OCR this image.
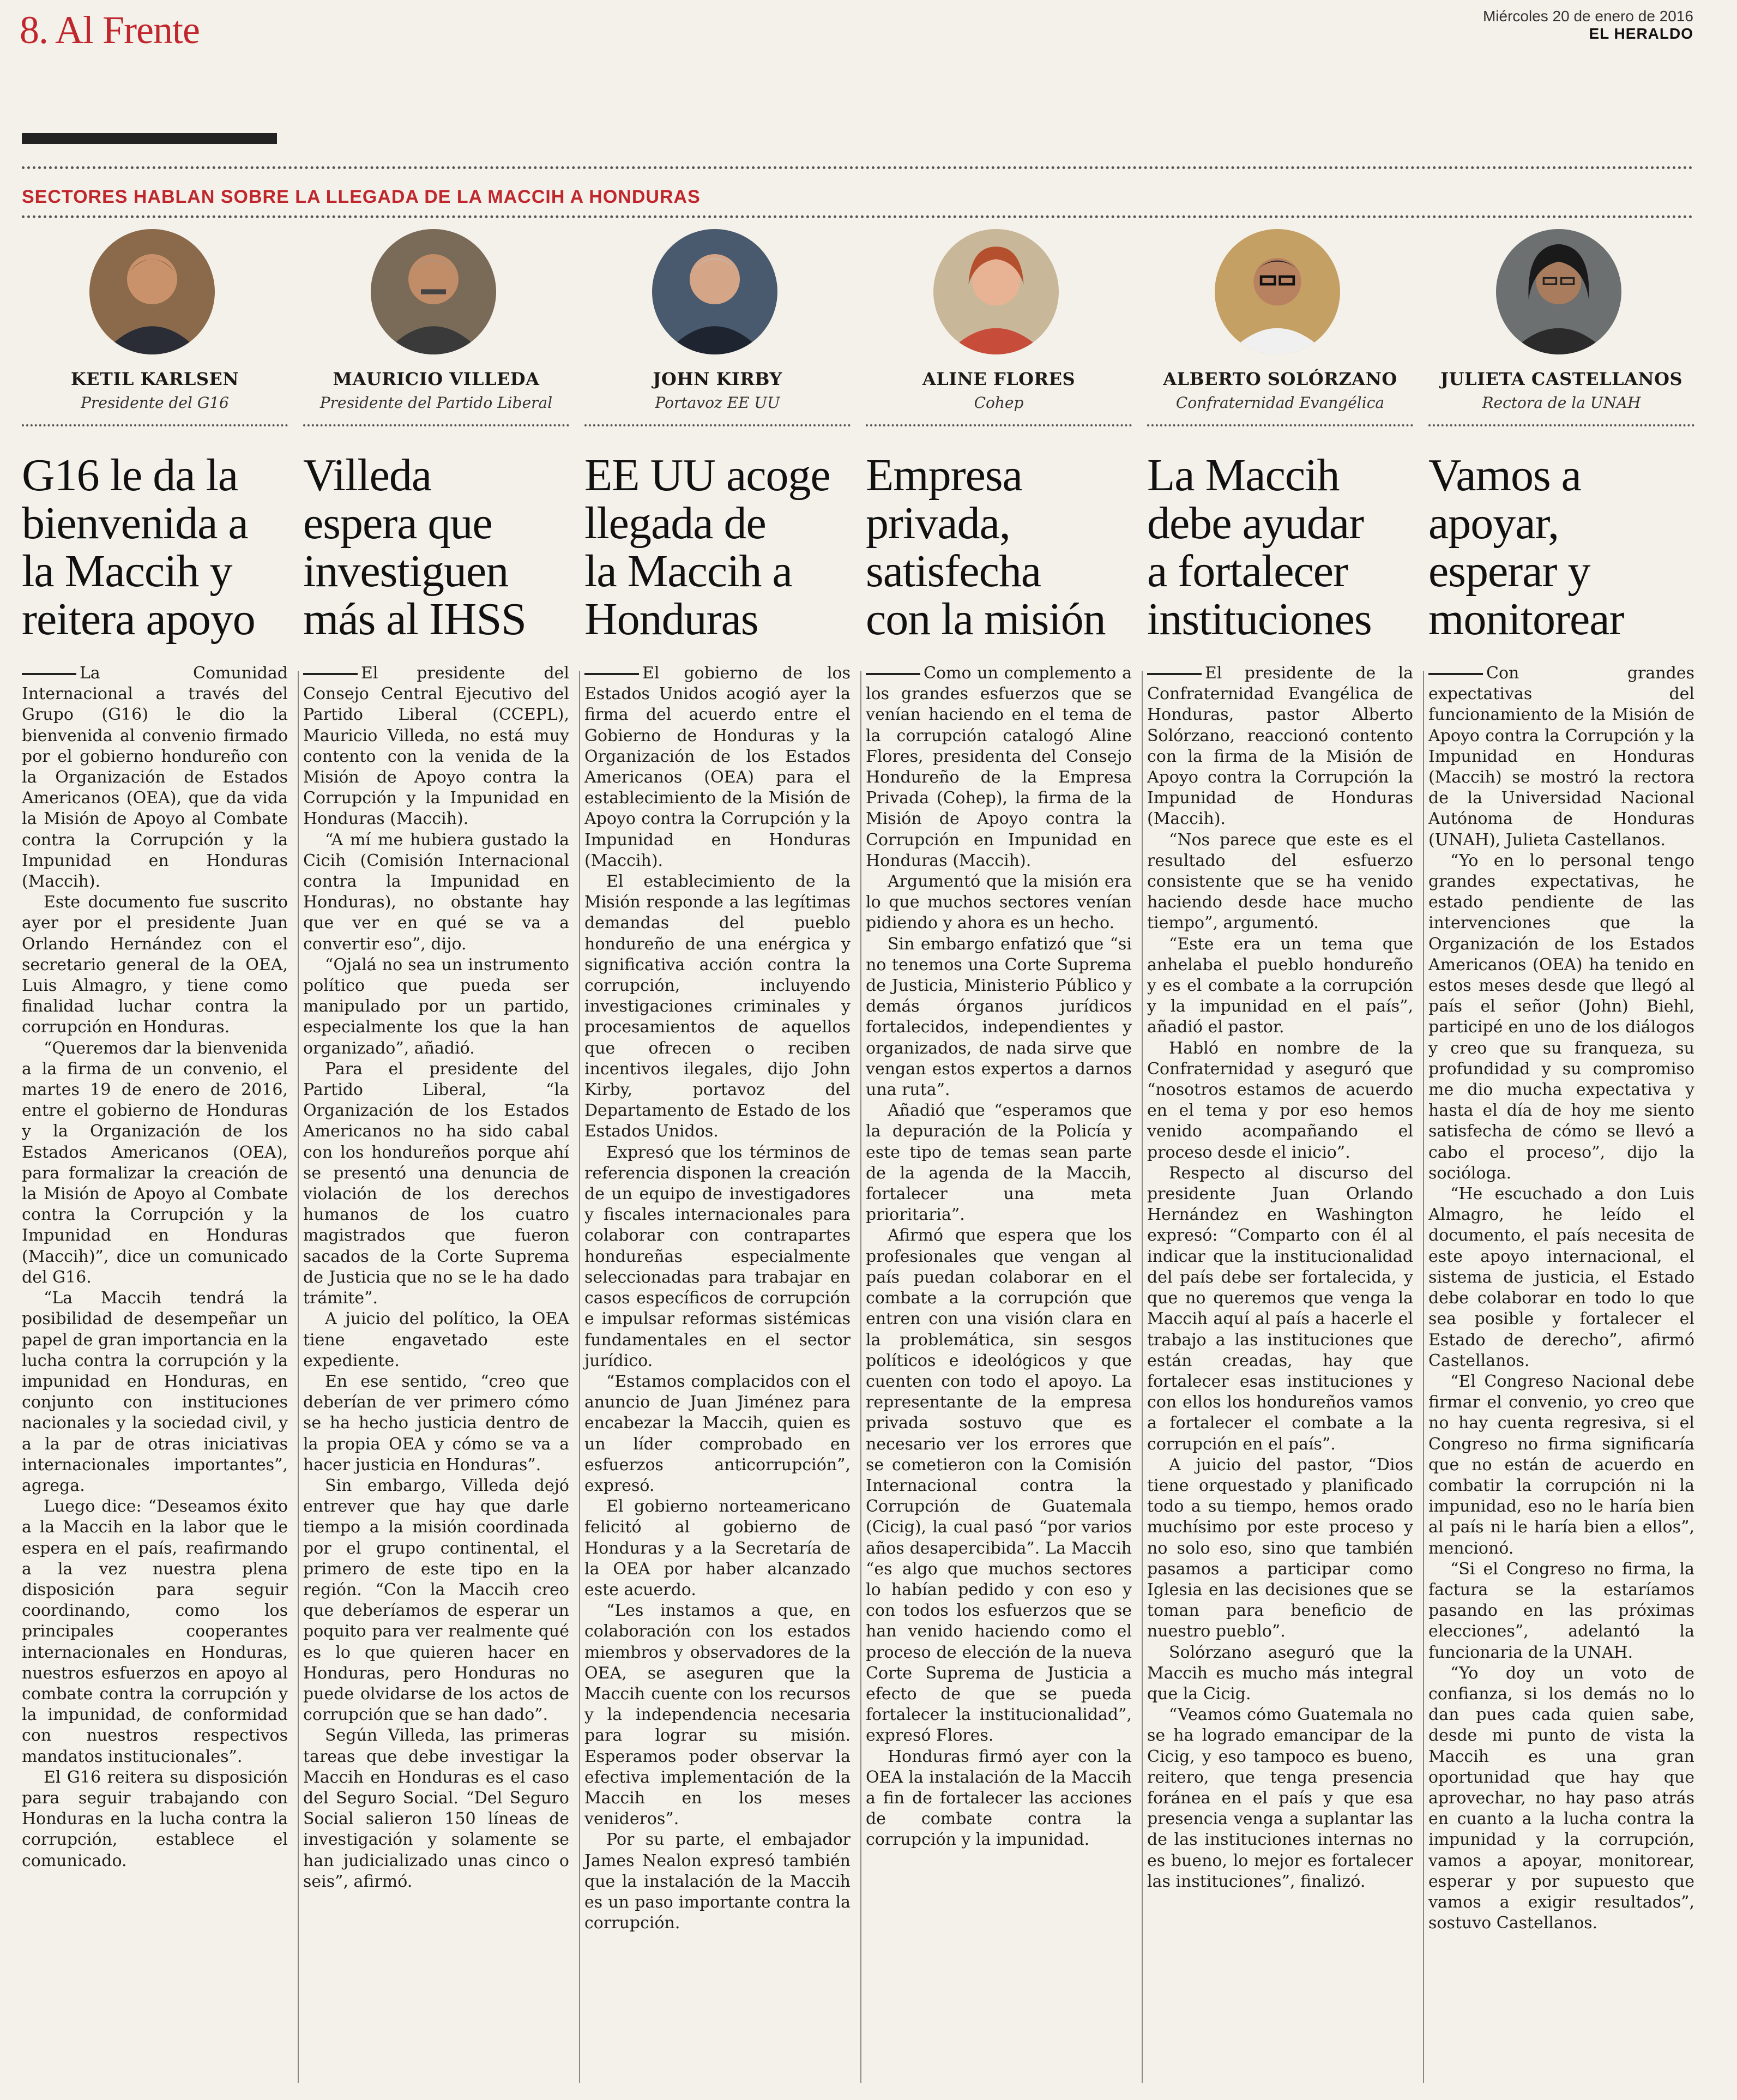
8. Al Frente	Miércoles 20 de enero de 2016
EL HERALDO
SECTORES HABLAN SOBRE LA LLEGADA DE LA MACCIH A HONDURAS
KETIL KARLSEN
Presidente del G16
G16 le da la
bienvenida a
la Maccih y
reitera apoyo

La Comunidad Internacional a través del Grupo (G16) le dio la bienvenida al convenio firmado por el gobierno hondureño con la Organización de Estados Americanos (OEA), que da vida la Misión de Apoyo al Combate contra la Corrupción y la Impunidad en Honduras (Maccih).

Este documento fue suscrito ayer por el presidente Juan Orlando Hernández con el secretario general de la OEA, Luis Almagro, y tiene como finalidad luchar contra la corrupción en Honduras.

“Queremos dar la bienvenida a la firma de un convenio, el martes 19 de enero de 2016, entre el gobierno de Honduras y la Organización de los Estados Americanos (OEA), para formalizar la creación de la Misión de Apoyo al Combate contra la Corrupción y la Impunidad en Honduras (Maccih)”, dice un comunicado del G16.

“La Maccih tendrá la posibilidad de desempeñar un papel de gran importancia en la lucha contra la corrupción y la impunidad en Honduras, en conjunto con instituciones nacionales y la sociedad civil, y a la par de otras iniciativas internacionales importantes”, agrega.

Luego dice: “Deseamos éxito a la Maccih en la labor que le espera en el país, reafirmando a la vez nuestra plena disposición para seguir coordinando, como los principales cooperantes internacionales en Honduras, nuestros esfuerzos en apoyo al combate contra la corrupción y la impunidad, de conformidad con nuestros respectivos mandatos institucionales”.

El G16 reitera su disposición para seguir trabajando con Honduras en la lucha contra la corrupción, establece el comunicado.

MAURICIO VILLEDA
Presidente del Partido Liberal
Villeda
espera que
investiguen
más al IHSS

El presidente del Consejo Central Ejecutivo del Partido Liberal (CCEPL), Mauricio Villeda, no está muy contento con la venida de la Misión de Apoyo contra la Corrupción y la Impunidad en Honduras (Maccih).

“A mí me hubiera gustado la Cicih (Comisión Internacional contra la Impunidad en Honduras), no obstante hay que ver en qué se va a convertir eso”, dijo.

“Ojalá no sea un instrumento político que pueda ser manipulado por un partido, especialmente los que la han organizado”, añadió.

Para el presidente del Partido Liberal, “la Organización de los Estados Americanos no ha sido cabal con los hondureños porque ahí se presentó una denuncia de violación de los derechos humanos de los cuatro magistrados que fueron sacados de la Corte Suprema de Justicia que no se le ha dado trámite”.

A juicio del político, la OEA tiene engavetado este expediente.

En ese sentido, “creo que deberían de ver primero cómo se ha hecho justicia dentro de la propia OEA y cómo se va a hacer justicia en Honduras”.

Sin embargo, Villeda dejó entrever que hay que darle tiempo a la misión coordinada por el grupo continental, el primero de este tipo en la región. “Con la Maccih creo que deberíamos de esperar un poquito para ver realmente qué es lo que quieren hacer en Honduras, pero Honduras no puede olvidarse de los actos de corrupción que se han dado”.

Según Villeda, las primeras tareas que debe investigar la Maccih en Honduras es el caso del Seguro Social. “Del Seguro Social salieron 150 líneas de investigación y solamente se han judicializado unas cinco o seis”, afirmó.

JOHN KIRBY
Portavoz EE UU
EE UU acoge
llegada de
la Maccih a
Honduras

El gobierno de los Estados Unidos acogió ayer la firma del acuerdo entre el Gobierno de Honduras y la Organización de los Estados Americanos (OEA) para el establecimiento de la Misión de Apoyo contra la Corrupción y la Impunidad en Honduras (Maccih).

El establecimiento de la Misión responde a las legítimas demandas del pueblo hondureño de una enérgica y significativa acción contra la corrupción, incluyendo investigaciones criminales y procesamientos de aquellos que ofrecen o reciben incentivos ilegales, dijo John Kirby, portavoz del Departamento de Estado de los Estados Unidos.

Expresó que los términos de referencia disponen la creación de un equipo de investigadores y fiscales internacionales para colaborar con contrapartes hondureñas especialmente seleccionadas para trabajar en casos específicos de corrupción e impulsar reformas sistémicas fundamentales en el sector jurídico.

“Estamos complacidos con el anuncio de Juan Jiménez para encabezar la Maccih, quien es un líder comprobado en esfuerzos anticorrupción”, expresó.

El gobierno norteamericano felicitó al gobierno de Honduras y a la Secretaría de la OEA por haber alcanzado este acuerdo.

“Les instamos a que, en colaboración con los estados miembros y observadores de la OEA, se aseguren que la Maccih cuente con los recursos y la independencia necesaria para lograr su misión. Esperamos poder observar la efectiva implementación de la Maccih en los meses venideros”.

Por su parte, el embajador James Nealon expresó también que la instalación de la Maccih es un paso importante contra la corrupción.

ALINE FLORES
Cohep
Empresa
privada,
satisfecha
con la misión

Como un complemento a los grandes esfuerzos que se venían haciendo en el tema de la corrupción catalogó Aline Flores, presidenta del Consejo Hondureño de la Empresa Privada (Cohep), la firma de la Misión de Apoyo contra la Corrupción en Impunidad en Honduras (Maccih).

Argumentó que la misión era lo que muchos sectores venían pidiendo y ahora es un hecho.

Sin embargo enfatizó que “si no tenemos una Corte Suprema de Justicia, Ministerio Público y demás órganos jurídicos fortalecidos, independientes y organizados, de nada sirve que vengan estos expertos a darnos una ruta”.

Añadió que “esperamos que la depuración de la Policía y este tipo de temas sean parte de la agenda de la Maccih, fortalecer una meta prioritaria”.

Afirmó que espera que los profesionales que vengan al país puedan colaborar en el combate a la corrupción que entren con una visión clara en la problemática, sin sesgos políticos e ideológicos y que cuenten con todo el apoyo. La representante de la empresa privada sostuvo que es necesario ver los errores que se cometieron con la Comisión Internacional contra la Corrupción de Guatemala (Cicig), la cual pasó “por varios años desapercibida”. La Maccih “es algo que muchos sectores lo habían pedido y con eso y con todos los esfuerzos que se han venido haciendo como el proceso de elección de la nueva Corte Suprema de Justicia a efecto de que se pueda fortalecer la institucionalidad”, expresó Flores.

Honduras firmó ayer con la OEA la instalación de la Maccih a fin de fortalecer las acciones de combate contra la corrupción y la impunidad.

ALBERTO SOLÓRZANO
Confraternidad Evangélica
La Maccih
debe ayudar
a fortalecer
instituciones

El presidente de la Confraternidad Evangélica de Honduras, pastor Alberto Solórzano, reaccionó contento con la firma de la Misión de Apoyo contra la Corrupción la Impunidad de Honduras (Maccih).

“Nos parece que este es el resultado del esfuerzo consistente que se ha venido haciendo desde hace mucho tiempo”, argumentó.

“Este era un tema que anhelaba el pueblo hondureño y es el combate a la corrupción y la impunidad en el país”, añadió el pastor.

Habló en nombre de la Confraternidad y aseguró que “nosotros estamos de acuerdo en el tema y por eso hemos venido acompañando el proceso desde el inicio”.

Respecto al discurso del presidente Juan Orlando Hernández en Washington expresó: “Comparto con él al indicar que la institucionalidad del país debe ser fortalecida, y que no queremos que venga la Maccih aquí al país a hacerle el trabajo a las instituciones que están creadas, hay que fortalecer esas instituciones y con ellos los hondureños vamos a fortalecer el combate a la corrupción en el país”.

A juicio del pastor, “Dios tiene orquestado y planificado todo a su tiempo, hemos orado muchísimo por este proceso y no solo eso, sino que también pasamos a participar como Iglesia en las decisiones que se toman para beneficio de nuestro pueblo”.

Solórzano aseguró que la Maccih es mucho más integral que la Cicig.

“Veamos cómo Guatemala no se ha logrado emancipar de la Cicig, y eso tampoco es bueno, reitero, que tenga presencia foránea en el país y que esa presencia venga a suplantar las de las instituciones internas no es bueno, lo mejor es fortalecer las instituciones”, finalizó.

JULIETA CASTELLANOS
Rectora de la UNAH
Vamos a
apoyar,
esperar y
monitorear

Con grandes expectativas del funcionamiento de la Misión de Apoyo contra la Corrupción y la Impunidad en Honduras (Maccih) se mostró la rectora de la Universidad Nacional Autónoma de Honduras (UNAH), Julieta Castellanos.

“Yo en lo personal tengo grandes expectativas, he estado pendiente de las intervenciones que la Organización de los Estados Americanos (OEA) ha tenido en estos meses desde que llegó al país el señor (John) Biehl, participé en uno de los diálogos y creo que su franqueza, su profundidad y su compromiso me dio mucha expectativa y hasta el día de hoy me siento satisfecha de cómo se llevó a cabo el proceso”, dijo la socióloga.

“He escuchado a don Luis Almagro, he leído el documento, el país necesita de este apoyo internacional, el sistema de justicia, el Estado debe colaborar en todo lo que sea posible y fortalecer el Estado de derecho”, afirmó Castellanos.

“El Congreso Nacional debe firmar el convenio, yo creo que no hay cuenta regresiva, si el Congreso no firma significaría que no están de acuerdo en combatir la corrupción ni la impunidad, eso no le haría bien al país ni le haría bien a ellos”, mencionó.

“Si el Congreso no firma, la factura se la estaríamos pasando en las próximas elecciones”, adelantó la funcionaria de la UNAH.

“Yo doy un voto de confianza, si los demás no lo dan pues cada quien sabe, desde mi punto de vista la Maccih es una gran oportunidad que hay que aprovechar, no hay paso atrás en cuanto a la lucha contra la impunidad y la corrupción, vamos a apoyar, monitorear, esperar y por supuesto que vamos a exigir resultados”, sostuvo Castellanos.
